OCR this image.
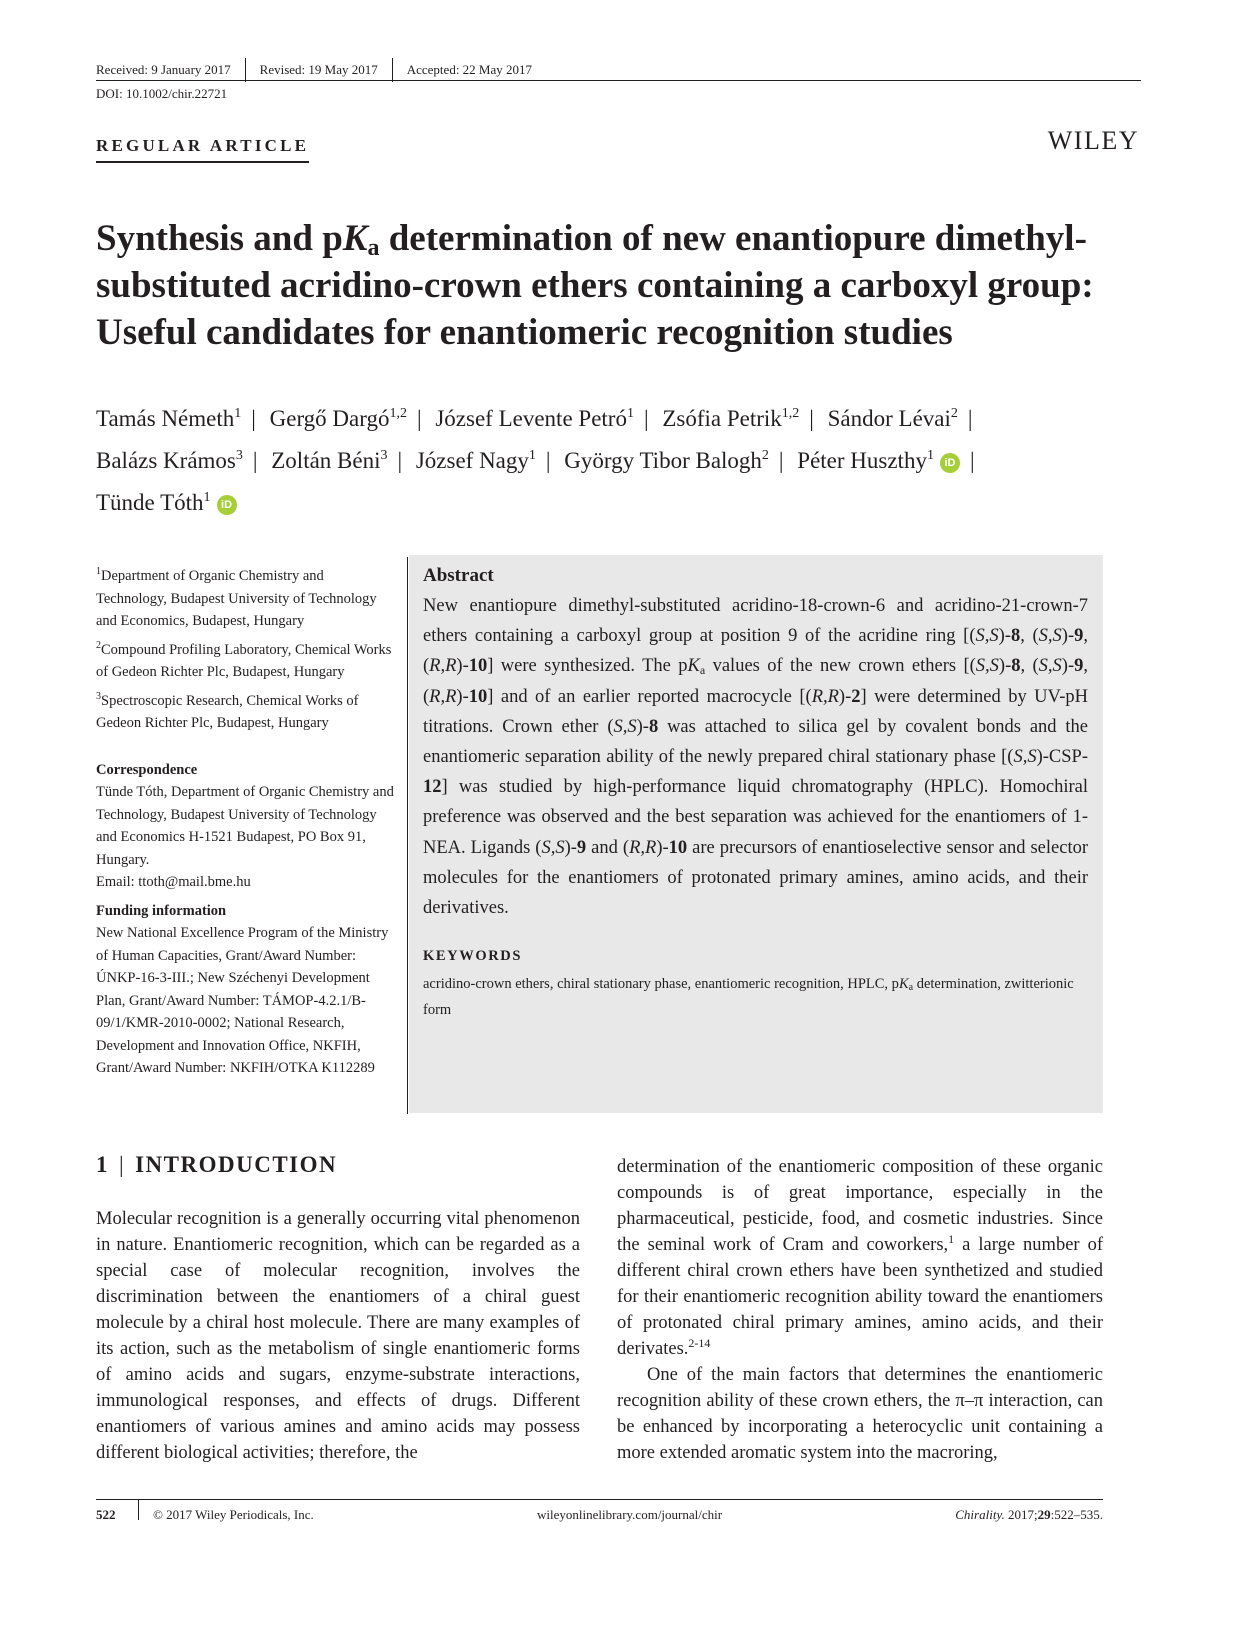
Received: 9 January 2017 Revised: 19 May 2017 Accepted: 22 May 2017
DOI: 10.1002/chir.22721
REGULAR ARTICLE	WILEY
Synthesis and $pK_a$ determination of new enantiopure dimethyl-
substituted acridino-crown ethers containing a carboxyl group:
Useful candidates for enantiomeric recognition studies
Tamás Németh$^1$ | Gergő Dargó$^{1,2}$ | József Levente Petró$^1$ | Zsófia Petrik$^{1,2}$ | Sándor Lévai$^2$ |
Balázs Krámos$^3$ | Zoltán Béni$^3$ | József Nagy$^1$ | György Tibor Balogh$^2$ | Péter Huszthy$^1$ iD |
Tünde Tóth$^1$ iD
$^1$Department of Organic Chemistry and Technology, Budapest University of Technology and Economics, Budapest, Hungary
$^2$Compound Profiling Laboratory, Chemical Works of Gedeon Richter Plc, Budapest, Hungary
$^3$Spectroscopic Research, Chemical Works of Gedeon Richter Plc, Budapest, Hungary
Correspondence
Tünde Tóth, Department of Organic Chemistry and Technology, Budapest University of Technology and Economics H-1521 Budapest, PO Box 91, Hungary.
Email: ttoth@mail.bme.hu
Funding information
New National Excellence Program of the Ministry of Human Capacities, Grant/Award Number: ÚNKP-16-3-III.; New Széchenyi Development Plan, Grant/Award Number: TÁMOP-4.2.1/B-09/1/KMR-2010-0002; National Research, Development and Innovation Office, NKFIH, Grant/Award Number: NKFIH/OTKA K112289
Abstract
New enantiopure dimethyl-substituted acridino-18-crown-6 and acridino-21-crown-7 ethers containing a carboxyl group at position 9 of the acridine ring [(S,S)-8, (S,S)-9, (R,R)-10] were synthesized. The $pK_a$ values of the new crown ethers [(S,S)-8, (S,S)-9, (R,R)-10] and of an earlier reported macrocycle [(R,R)-2] were determined by UV-pH titrations. Crown ether (S,S)-8 was attached to silica gel by covalent bonds and the enantiomeric separation ability of the newly prepared chiral stationary phase [(S,S)-CSP-12] was studied by high-performance liquid chromatography (HPLC). Homochiral preference was observed and the best separation was achieved for the enantiomers of 1-NEA. Ligands (S,S)-9 and (R,R)-10 are precursors of enantioselective sensor and selector molecules for the enantiomers of protonated primary amines, amino acids, and their derivatives.
KEYWORDS
acridino-crown ethers, chiral stationary phase, enantiomeric recognition, HPLC, $pK_a$ determination, zwitterionic form
1 | INTRODUCTION

Molecular recognition is a generally occurring vital phenomenon in nature. Enantiomeric recognition, which can be regarded as a special case of molecular recognition, involves the discrimination between the enantiomers of a chiral guest molecule by a chiral host molecule. There are many examples of its action, such as the metabolism of single enantiomeric forms of amino acids and sugars, enzyme-substrate interactions, immunological responses, and effects of drugs. Different enantiomers of various amines and amino acids may possess different biological activities; therefore, the

determination of the enantiomeric composition of these organic compounds is of great importance, especially in the pharmaceutical, pesticide, food, and cosmetic industries. Since the seminal work of Cram and coworkers,$^1$ a large number of different chiral crown ethers have been synthetized and studied for their enantiomeric recognition ability toward the enantiomers of protonated chiral primary amines, amino acids, and their derivates.$^{2-14}$

One of the main factors that determines the enantiomeric recognition ability of these crown ethers, the π–π interaction, can be enhanced by incorporating a heterocyclic unit containing a more extended aromatic system into the macroring,

522	© 2017 Wiley Periodicals, Inc.	wileyonlinelibrary.com/journal/chir	Chirality. 2017;29:522–535.
